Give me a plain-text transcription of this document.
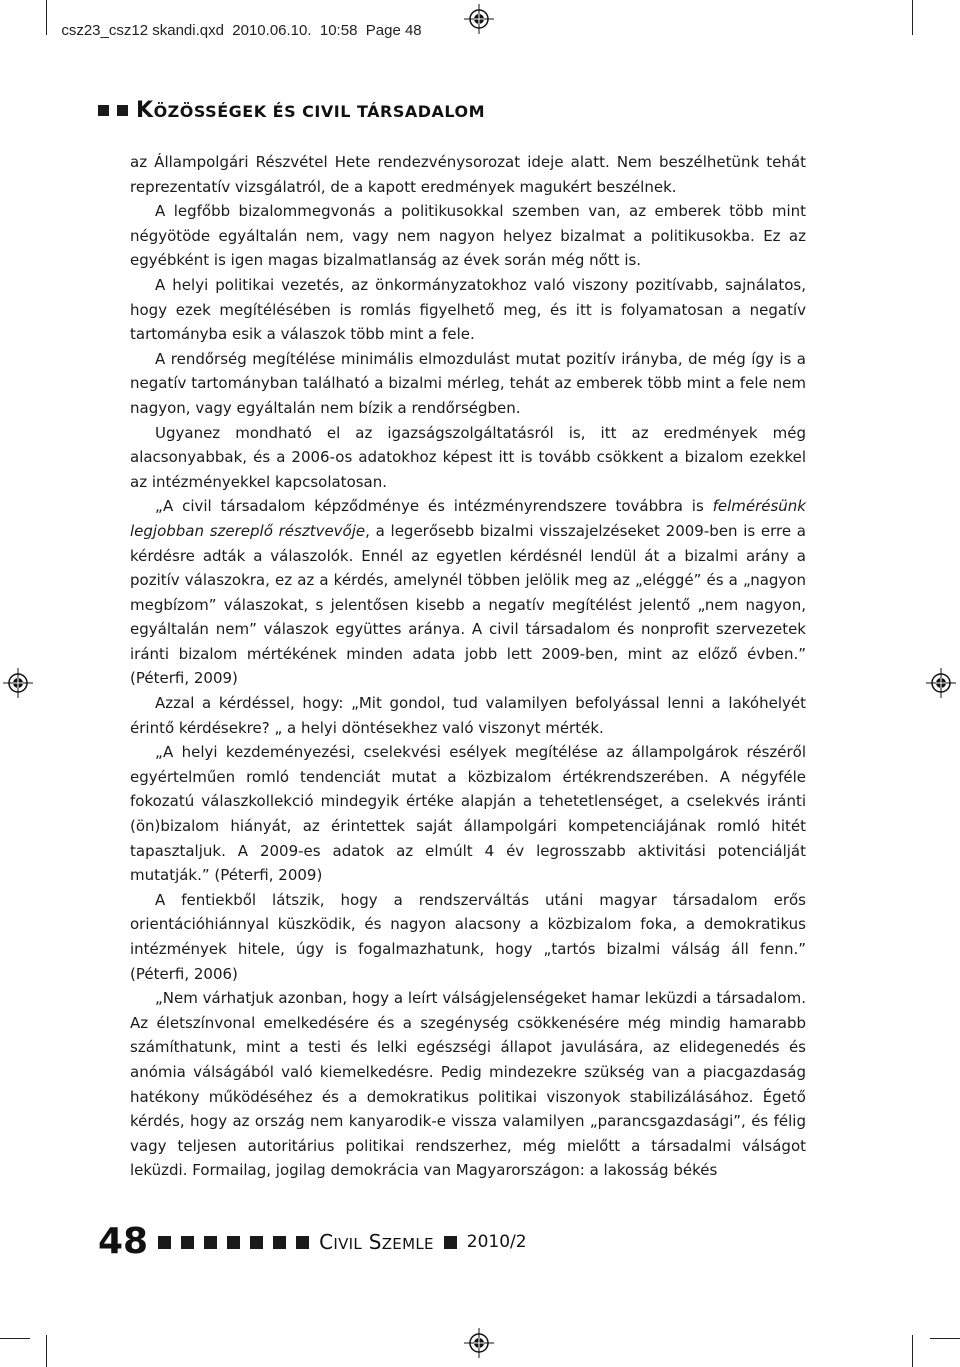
csz23_csz12 skandi.qxd 2010.06.10. 10:58 Page 48

KÖZÖSSÉGEK ÉS CIVIL TÁRSADALOM

az Állampolgári Részvétel Hete rendezvénysorozat ideje alatt. Nem beszélhetünk tehát reprezentatív vizsgálatról, de a kapott eredmények magukért beszélnek.

A legfőbb bizalommegvonás a politikusokkal szemben van, az emberek több mint négyötöde egyáltalán nem, vagy nem nagyon helyez bizalmat a politikusokba. Ez az egyébként is igen magas bizalmatlanság az évek során még nőtt is.

A helyi politikai vezetés, az önkormányzatokhoz való viszony pozitívabb, sajnálatos, hogy ezek megítélésében is romlás figyelhető meg, és itt is folyamatosan a negatív tartományba esik a válaszok több mint a fele.

A rendőrség megítélése minimális elmozdulást mutat pozitív irányba, de még így is a negatív tartományban található a bizalmi mérleg, tehát az emberek több mint a fele nem nagyon, vagy egyáltalán nem bízik a rendőrségben.

Ugyanez mondható el az igazságszolgáltatásról is, itt az eredmények még alacsonyabbak, és a 2006-os adatokhoz képest itt is tovább csökkent a bizalom ezekkel az intézményekkel kapcsolatosan.

„A civil társadalom képződménye és intézményrendszere továbbra is felmérésünk legjobban szereplő résztvevője, a legerősebb bizalmi visszajelzéseket 2009-ben is erre a kérdésre adták a válaszolók. Ennél az egyetlen kérdésnél lendül át a bizalmi arány a pozitív válaszokra, ez az a kérdés, amelynél többen jelölik meg az „eléggé” és a „nagyon megbízom” válaszokat, s jelentősen kisebb a negatív megítélést jelentő „nem nagyon, egyáltalán nem” válaszok együttes aránya. A civil társadalom és nonprofit szervezetek iránti bizalom mértékének minden adata jobb lett 2009-ben, mint az előző évben.” (Péterfi, 2009)

Azzal a kérdéssel, hogy: „Mit gondol, tud valamilyen befolyással lenni a lakóhelyét érintő kérdésekre? „ a helyi döntésekhez való viszonyt mérték.

„A helyi kezdeményezési, cselekvési esélyek megítélése az állampolgárok részéről egyértelműen romló tendenciát mutat a közbizalom értékrendszerében. A négyféle fokozatú válaszkollekció mindegyik értéke alapján a tehetetlenséget, a cselekvés iránti (ön)bizalom hiányát, az érintettek saját állampolgári kompetenciájának romló hitét tapasztaljuk. A 2009-es adatok az elmúlt 4 év legrosszabb aktivitási potenciálját mutatják.” (Péterfi, 2009)

A fentiekből látszik, hogy a rendszerváltás utáni magyar társadalom erős orientációhiánnyal küszködik, és nagyon alacsony a közbizalom foka, a demokratikus intézmények hitele, úgy is fogalmazhatunk, hogy „tartós bizalmi válság áll fenn.” (Péterfi, 2006)

„Nem várhatjuk azonban, hogy a leírt válságjelenségeket hamar leküzdi a társadalom. Az életszínvonal emelkedésére és a szegénység csökkenésére még mindig hamarabb számíthatunk, mint a testi és lelki egészségi állapot javulására, az elidegenedés és anómia válságából való kiemelkedésre. Pedig mindezekre szükség van a piacgazdaság hatékony működéséhez és a demokratikus politikai viszonyok stabilizálásához. Égető kérdés, hogy az ország nem kanyarodik-e vissza valamilyen „parancsgazdasági”, és félig vagy teljesen autoritárius politikai rendszerhez, még mielőtt a társadalmi válságot leküzdi. Formailag, jogilag demokrácia van Magyarországon: a lakosság békés

48	CIVIL SZEMLE 2010/2
